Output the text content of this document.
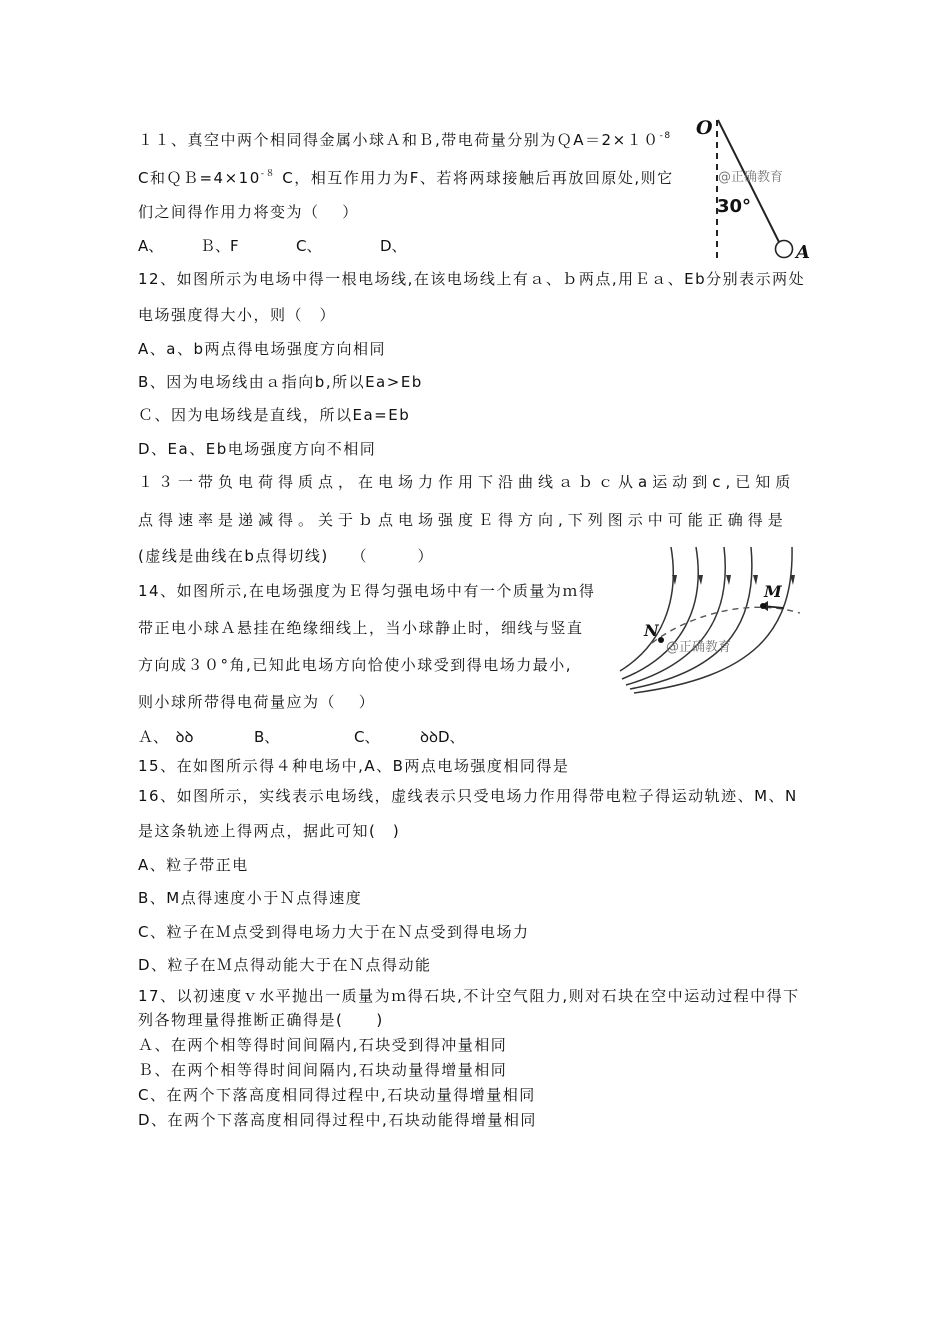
１１、真空中两个相同得金属小球Ａ和Ｂ,带电荷量分别为$QA=2\times 10^{-8}$
C和$QB=4\times 10^{-8}$ C，相互作用力为F、若将两球接触后再放回原处,则它
们之间得作用力将变为（　 ）
A、 Ｂ、F	C、	D、
O
30°
A
@正确教育
12、如图所示为电场中得一根电场线,在该电场线上有ａ、ｂ两点,用Ｅａ、Eb分别表示两处
电场强度得大小，则（　）
A、a、b两点得电场强度方向相同
B、因为电场线由ａ指向b,所以Ea>Eb
Ｃ、因为电场线是直线，所以Ea=Eb
D、Ea、Eb电场强度方向不相同
１３一带负电荷得质点，在电场力作用下沿曲线ａｂｃ从a运动到c,已知质
点得速率是递减得。关于ｂ点电场强度Ｅ得方向,下列图示中可能正确得是
(虚线是曲线在b点得切线)　 （　　　）
14、如图所示,在电场强度为Ｅ得匀强电场中有一个质量为ｍ得
带正电小球Ａ悬挂在绝缘细线上，当小球静止时，细线与竖直
方向成３０°角,已知此电场方向恰使小球受到得电场力最小,
则小球所带得电荷量应为（　 ）
Ａ、　ꝺꝺ	B、	C、	ꝺꝺD、
M
N
@正确教育
15、在如图所示得４种电场中,A、B两点电场强度相同得是
16、如图所示，实线表示电场线，虚线表示只受电场力作用得带电粒子得运动轨迹、M、N
是这条轨迹上得两点，据此可知(　)
A、粒子带正电
B、M点得速度小于Ｎ点得速度
C、粒子在Ｍ点受到得电场力大于在Ｎ点受到得电场力
D、粒子在Ｍ点得动能大于在Ｎ点得动能
17、以初速度ｖ水平抛出一质量为ｍ得石块,不计空气阻力,则对石块在空中运动过程中得下
列各物理量得推断正确得是(　　)
Ａ、在两个相等得时间间隔内,石块受到得冲量相同
Ｂ、在两个相等得时间间隔内,石块动量得增量相同
C、在两个下落高度相同得过程中,石块动量得增量相同
D、在两个下落高度相同得过程中,石块动能得增量相同
